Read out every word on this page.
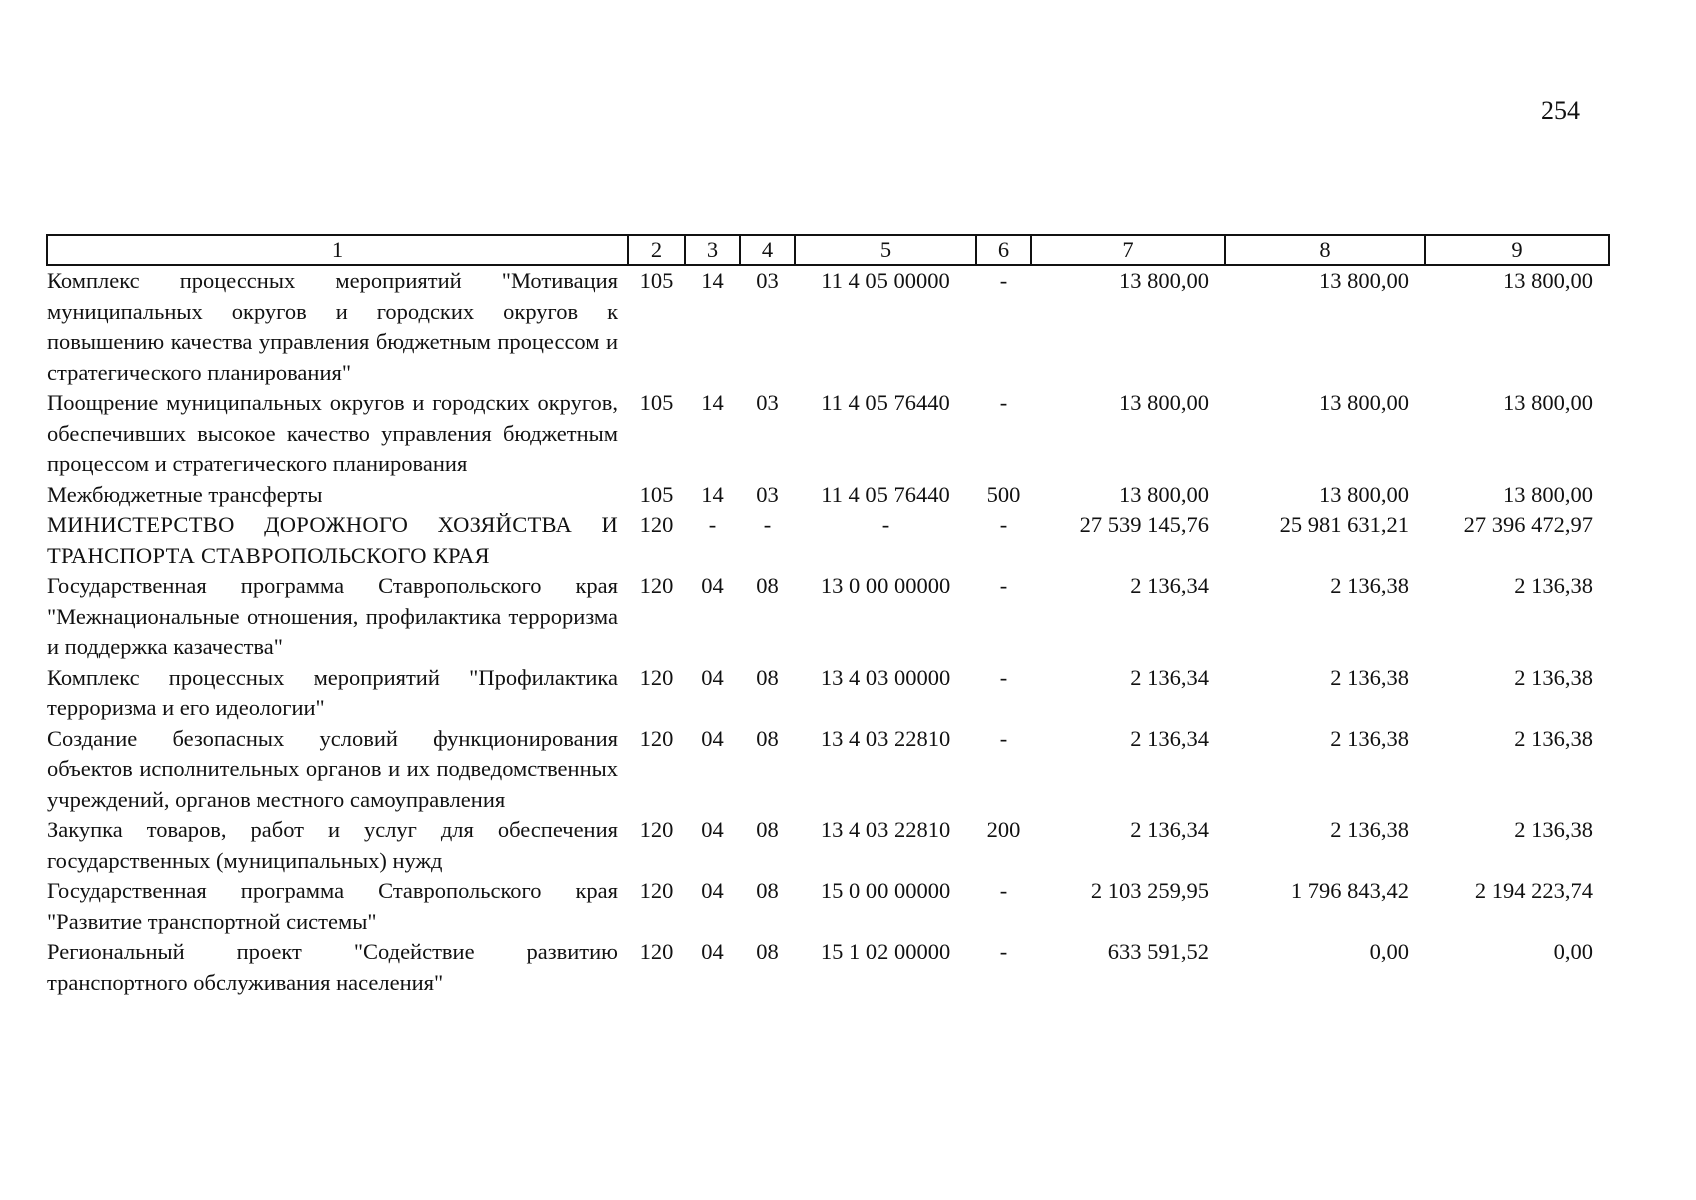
254
1	2	3	4	5	6	7	8	9
Комплекс процессных мероприятий "Мотивация муниципальных округов и городских округов к повышению качества управления бюджетным процессом и стратегического планирования"	105	14	03	11 4 05 00000	-	13 800,00	13 800,00	13 800,00
Поощрение муниципальных округов и городских округов, обеспечивших высокое качество управления бюджетным процессом и стратегического планирования	105	14	03	11 4 05 76440	-	13 800,00	13 800,00	13 800,00
Межбюджетные трансферты	105	14	03	11 4 05 76440	500	13 800,00	13 800,00	13 800,00
МИНИСТЕРСТВО ДОРОЖНОГО ХОЗЯЙСТВА И ТРАНСПОРТА СТАВРОПОЛЬСКОГО КРАЯ	120	-	-	-	-	27 539 145,76	25 981 631,21	27 396 472,97
Государственная программа Ставропольского края "Межнациональные отношения, профилактика терроризма и поддержка казачества"	120	04	08	13 0 00 00000	-	2 136,34	2 136,38	2 136,38
Комплекс процессных мероприятий "Профилактика терроризма и его идеологии"	120	04	08	13 4 03 00000	-	2 136,34	2 136,38	2 136,38
Создание безопасных условий функционирования объектов исполнительных органов и их подведомственных учреждений, органов местного самоуправления	120	04	08	13 4 03 22810	-	2 136,34	2 136,38	2 136,38
Закупка товаров, работ и услуг для обеспечения государственных (муниципальных) нужд	120	04	08	13 4 03 22810	200	2 136,34	2 136,38	2 136,38
Государственная программа Ставропольского края "Развитие транспортной системы"	120	04	08	15 0 00 00000	-	2 103 259,95	1 796 843,42	2 194 223,74
Региональный проект "Содействие развитию транспортного обслуживания населения"	120	04	08	15 1 02 00000	-	633 591,52	0,00	0,00
